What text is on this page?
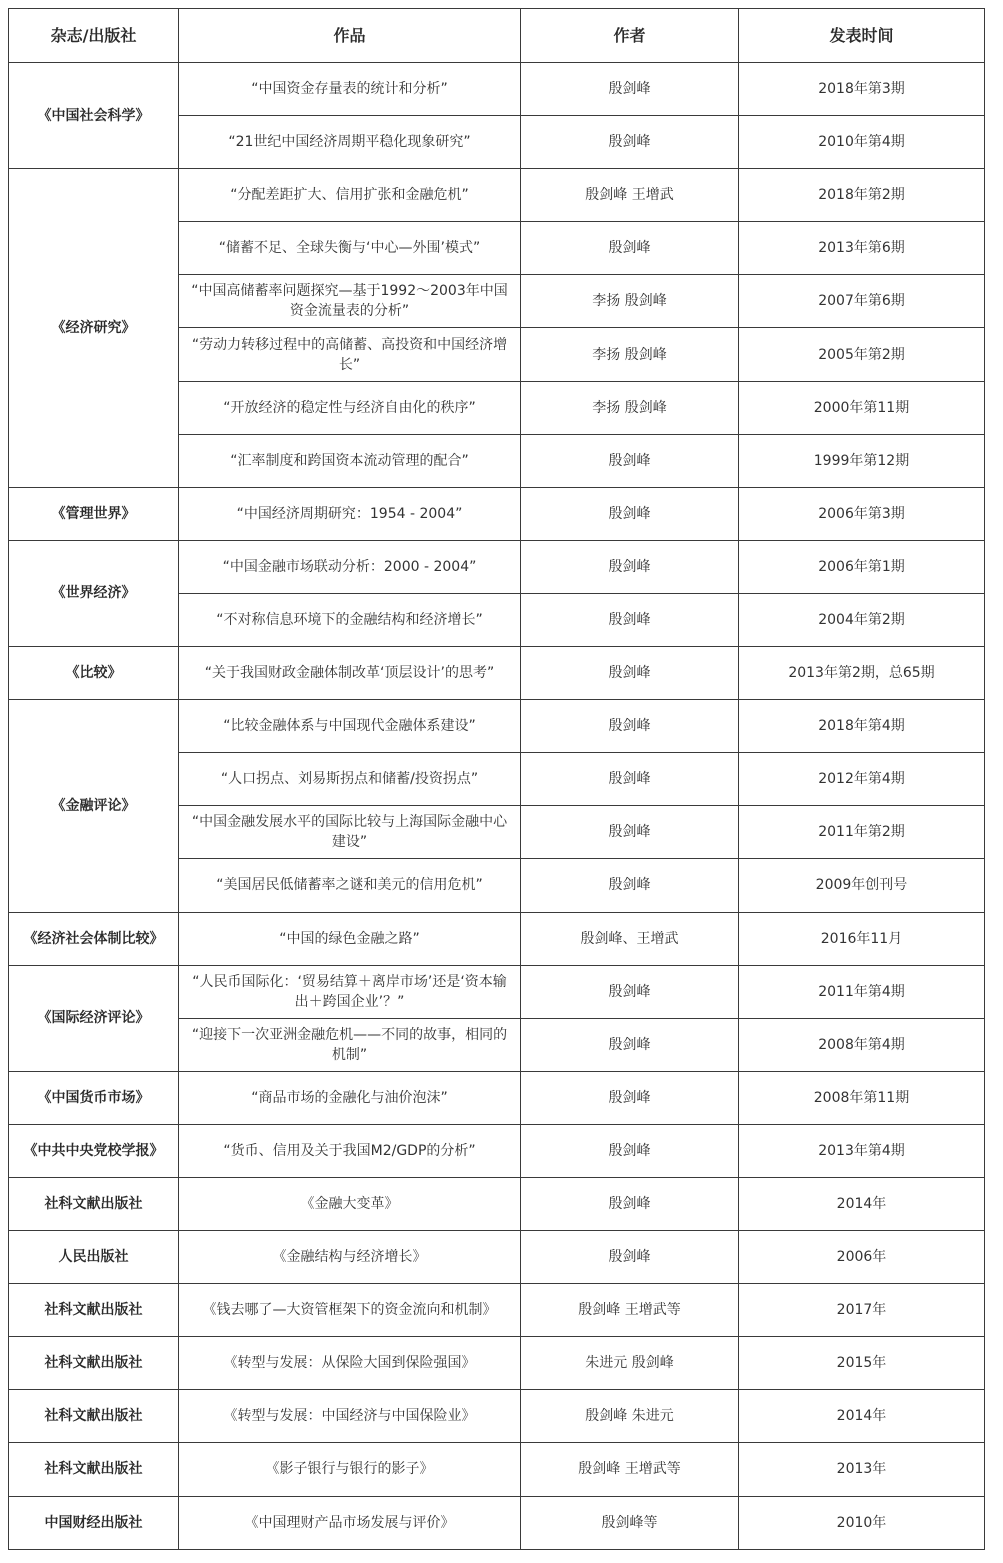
杂志/出版社	作品	作者	发表时间
《中国社会科学》	“中国资金存量表的统计和分析”	殷剑峰	2018年第3期
	“21世纪中国经济周期平稳化现象研究”	殷剑峰	2010年第4期
《经济研究》	“分配差距扩大、信用扩张和金融危机”	殷剑峰 王增武	2018年第2期
	“储蓄不足、全球失衡与‘中心—外围’模式”	殷剑峰	2013年第6期
	“中国高储蓄率问题探究—基于1992～2003年中国资金流量表的分析”	李扬 殷剑峰	2007年第6期
	“劳动力转移过程中的高储蓄、高投资和中国经济增长”	李扬 殷剑峰	2005年第2期
	“开放经济的稳定性与经济自由化的秩序”	李扬 殷剑峰	2000年第11期
	“汇率制度和跨国资本流动管理的配合”	殷剑峰	1999年第12期
《管理世界》	“中国经济周期研究：1954 - 2004”	殷剑峰	2006年第3期
《世界经济》	“中国金融市场联动分析：2000 - 2004”	殷剑峰	2006年第1期
	“不对称信息环境下的金融结构和经济增长”	殷剑峰	2004年第2期
《比较》	“关于我国财政金融体制改革‘顶层设计’的思考”	殷剑峰	2013年第2期，总65期
《金融评论》	“比较金融体系与中国现代金融体系建设”	殷剑峰	2018年第4期
	“人口拐点、刘易斯拐点和储蓄/投资拐点”	殷剑峰	2012年第4期
	“中国金融发展水平的国际比较与上海国际金融中心建设”	殷剑峰	2011年第2期
	“美国居民低储蓄率之谜和美元的信用危机”	殷剑峰	2009年创刊号
《经济社会体制比较》	“中国的绿色金融之路”	殷剑峰、王增武	2016年11月
《国际经济评论》	“人民币国际化：‘贸易结算＋离岸市场’还是‘资本输出＋跨国企业’？”	殷剑峰	2011年第4期
	“迎接下一次亚洲金融危机——不同的故事，相同的机制”	殷剑峰	2008年第4期
《中国货币市场》	“商品市场的金融化与油价泡沫”	殷剑峰	2008年第11期
《中共中央党校学报》	“货币、信用及关于我国M2/GDP的分析”	殷剑峰	2013年第4期
社科文献出版社	《金融大变革》	殷剑峰	2014年
人民出版社	《金融结构与经济增长》	殷剑峰	2006年
社科文献出版社	《钱去哪了—大资管框架下的资金流向和机制》	殷剑峰 王增武等	2017年
社科文献出版社	《转型与发展：从保险大国到保险强国》	朱进元 殷剑峰	2015年
社科文献出版社	《转型与发展：中国经济与中国保险业》	殷剑峰 朱进元	2014年
社科文献出版社	《影子银行与银行的影子》	殷剑峰 王增武等	2013年
中国财经出版社	《中国理财产品市场发展与评价》	殷剑峰等	2010年
